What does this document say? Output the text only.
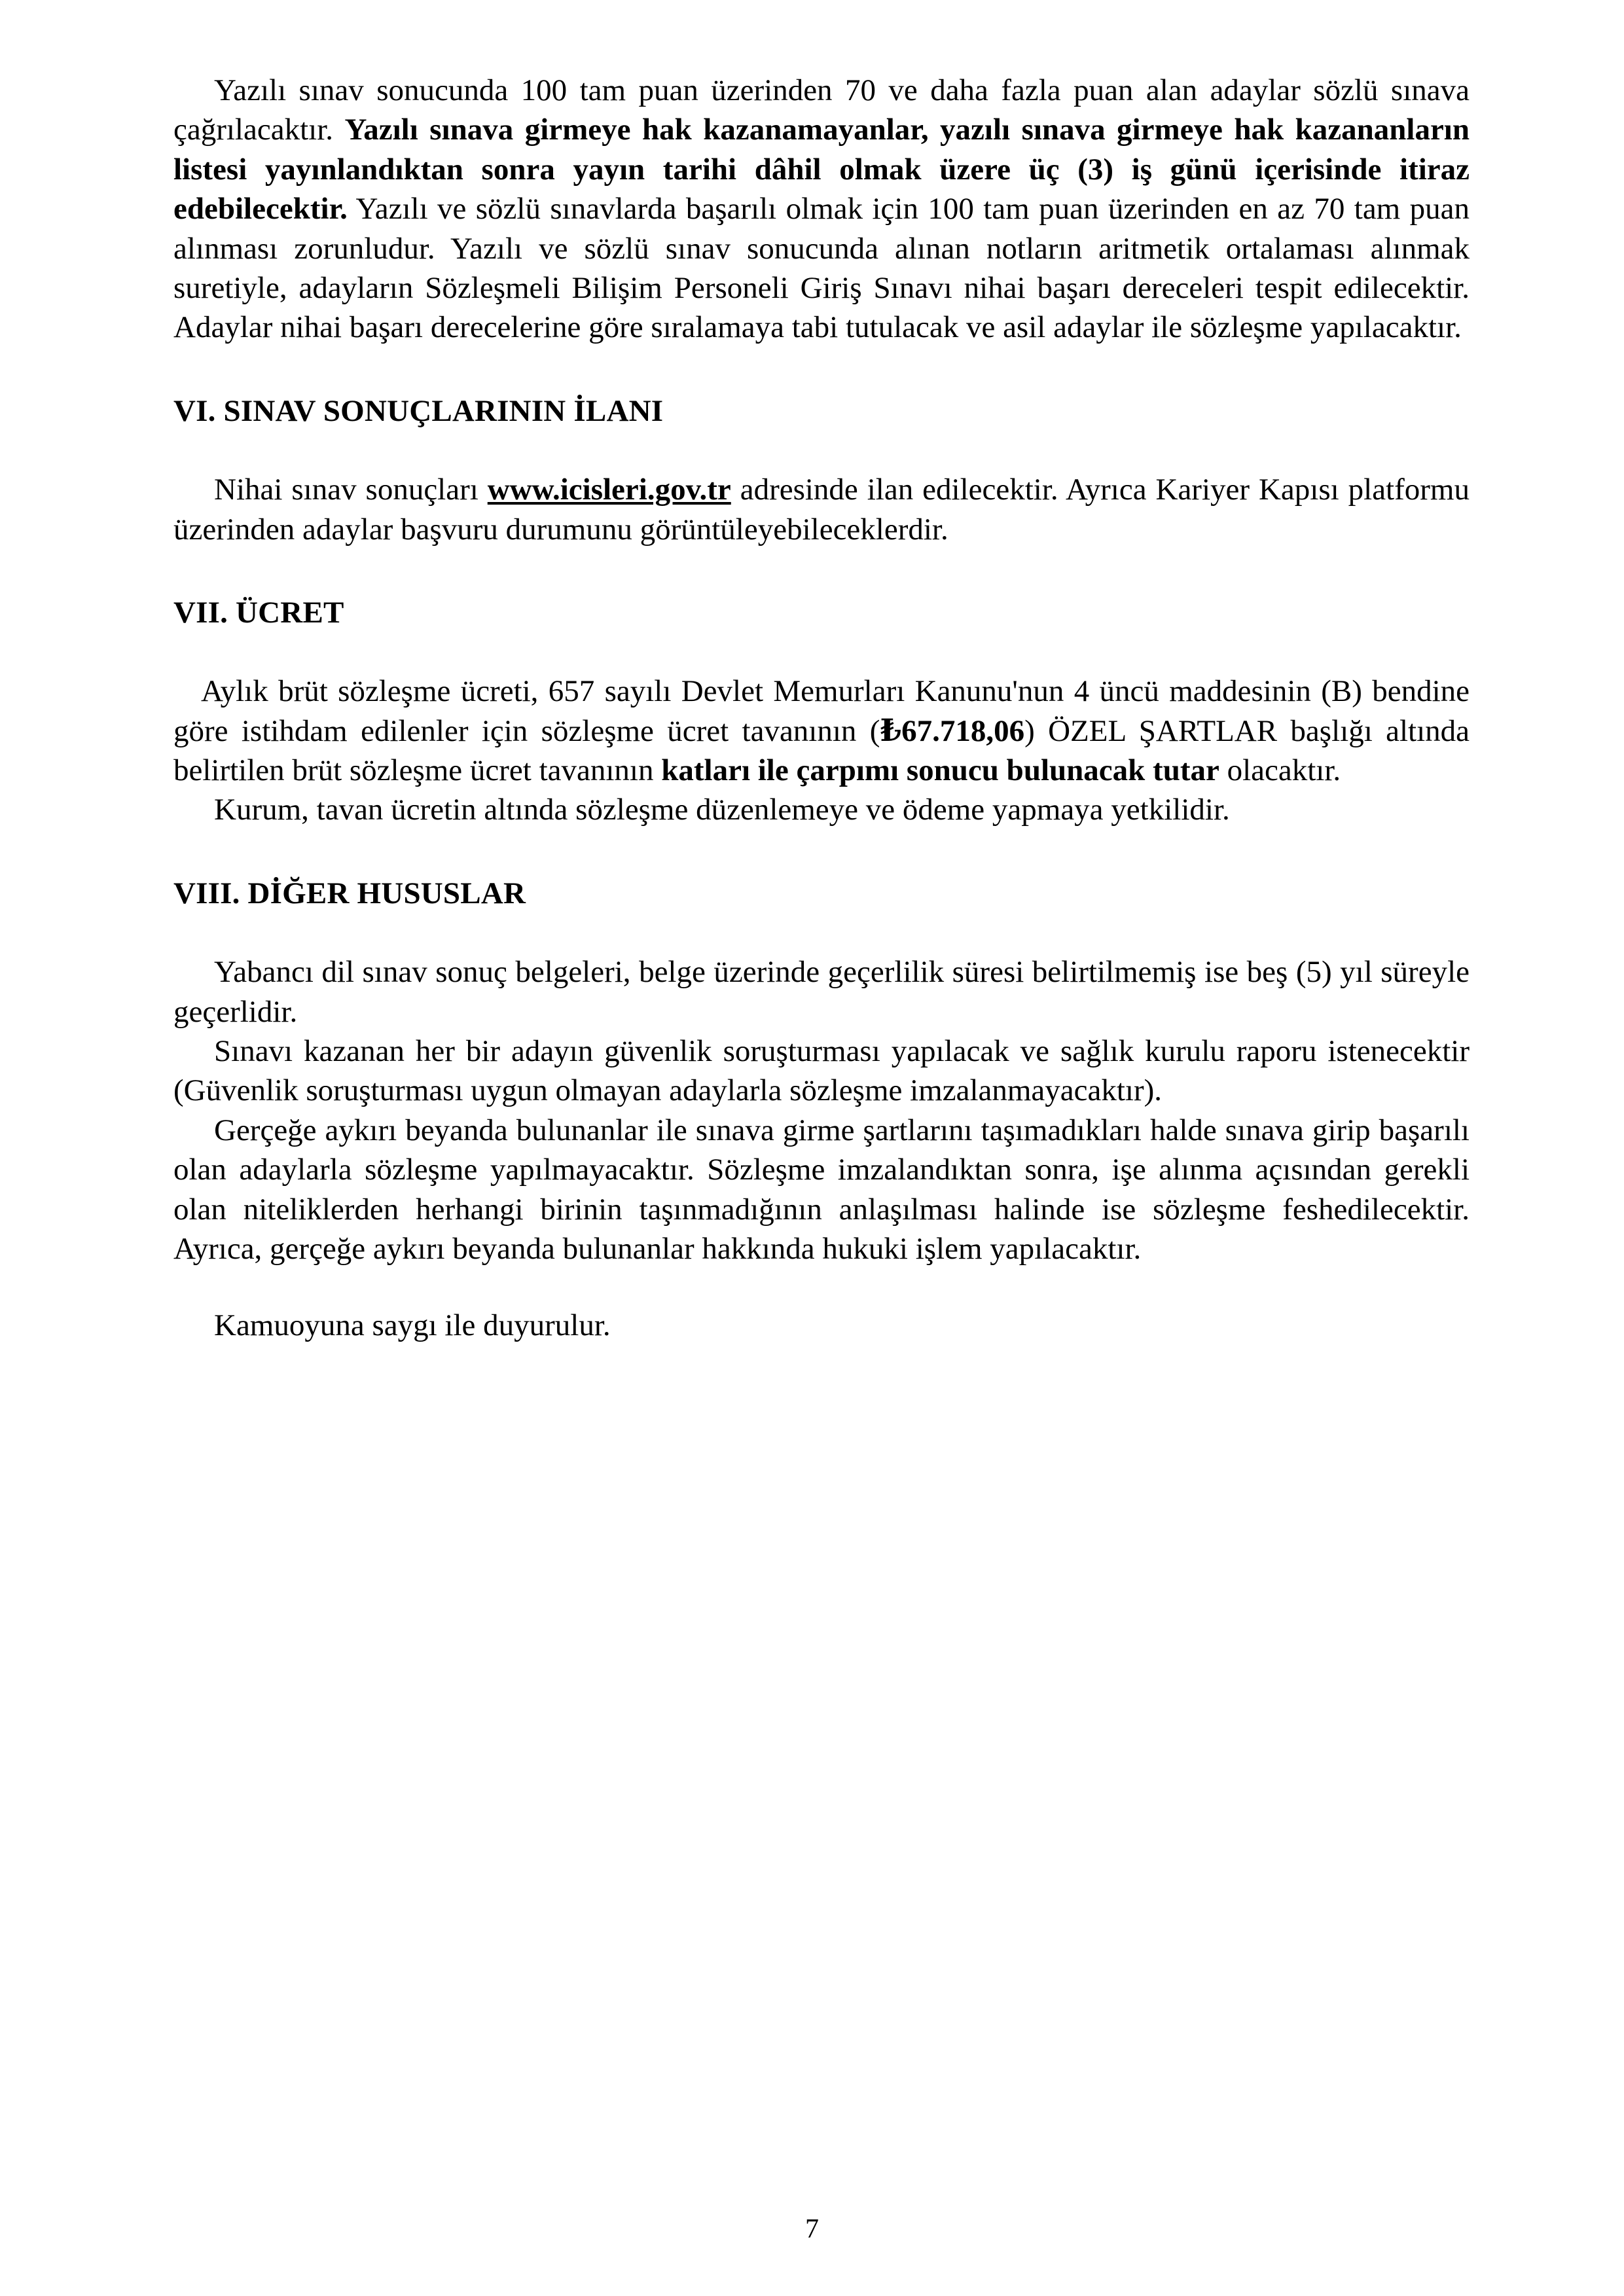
Yazılı sınav sonucunda 100 tam puan üzerinden 70 ve daha fazla puan alan adaylar sözlü sınava çağrılacaktır. Yazılı sınava girmeye hak kazanamayanlar, yazılı sınava girmeye hak kazananların listesi yayınlandıktan sonra yayın tarihi dâhil olmak üzere üç (3) iş günü içerisinde itiraz edebilecektir. Yazılı ve sözlü sınavlarda başarılı olmak için 100 tam puan üzerinden en az 70 tam puan alınması zorunludur. Yazılı ve sözlü sınav sonucunda alınan notların aritmetik ortalaması alınmak suretiyle, adayların Sözleşmeli Bilişim Personeli Giriş Sınavı nihai başarı dereceleri tespit edilecektir. Adaylar nihai başarı derecelerine göre sıralamaya tabi tutulacak ve asil adaylar ile sözleşme yapılacaktır.

VI. SINAV SONUÇLARININ İLANI

Nihai sınav sonuçları www.icisleri.gov.tr adresinde ilan edilecektir. Ayrıca Kariyer Kapısı platformu üzerinden adaylar başvuru durumunu görüntüleyebileceklerdir.

VII. ÜCRET

Aylık brüt sözleşme ücreti, 657 sayılı Devlet Memurları Kanunu'nun 4 üncü maddesinin (B) bendine göre istihdam edilenler için sözleşme ücret tavanının (₺67.718,06) ÖZEL ŞARTLAR başlığı altında belirtilen brüt sözleşme ücret tavanının katları ile çarpımı sonucu bulunacak tutar olacaktır.

Kurum, tavan ücretin altında sözleşme düzenlemeye ve ödeme yapmaya yetkilidir.

VIII. DİĞER HUSUSLAR

Yabancı dil sınav sonuç belgeleri, belge üzerinde geçerlilik süresi belirtilmemiş ise beş (5) yıl süreyle geçerlidir.

Sınavı kazanan her bir adayın güvenlik soruşturması yapılacak ve sağlık kurulu raporu istenecektir (Güvenlik soruşturması uygun olmayan adaylarla sözleşme imzalanmayacaktır).

Gerçeğe aykırı beyanda bulunanlar ile sınava girme şartlarını taşımadıkları halde sınava girip başarılı olan adaylarla sözleşme yapılmayacaktır. Sözleşme imzalandıktan sonra, işe alınma açısından gerekli olan niteliklerden herhangi birinin taşınmadığının anlaşılması halinde ise sözleşme feshedilecektir. Ayrıca, gerçeğe aykırı beyanda bulunanlar hakkında hukuki işlem yapılacaktır.

Kamuoyuna saygı ile duyurulur.

7
